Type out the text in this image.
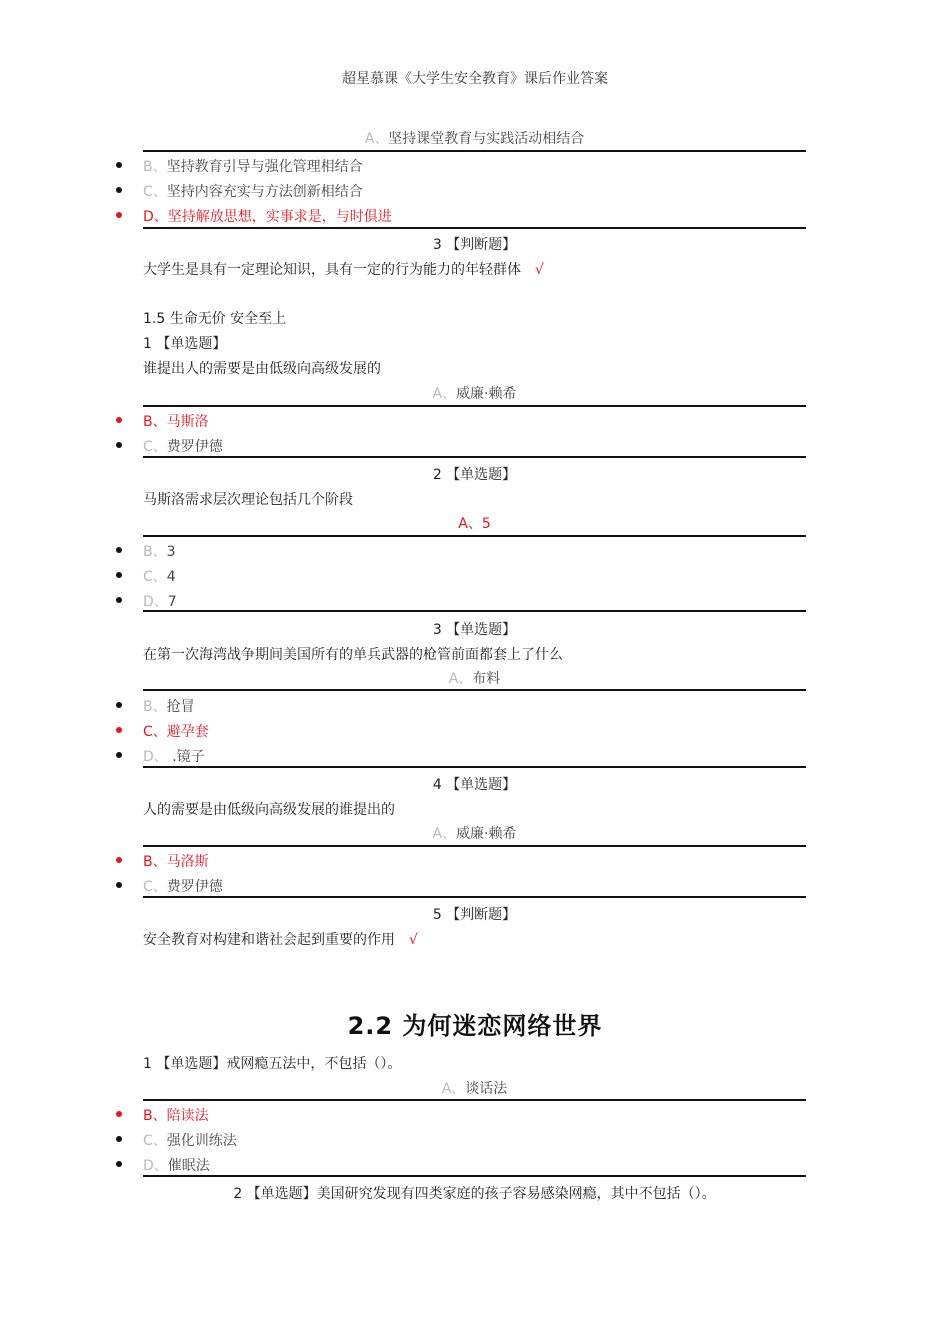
超星慕课《大学生安全教育》课后作业答案
A、坚持课堂教育与实践活动相结合
B、坚持教育引导与强化管理相结合
C、坚持内容充实与方法创新相结合
D、坚持解放思想，实事求是，与时俱进
3 【判断题】
大学生是具有一定理论知识，具有一定的行为能力的年轻群体 √
1.5 生命无价 安全至上
1 【单选题】
谁提出人的需要是由低级向高级发展的
A、威廉·赖希
B、马斯洛
C、费罗伊德
2 【单选题】
马斯洛需求层次理论包括几个阶段
A、5
B、3
C、4
D、7
3 【单选题】
在第一次海湾战争期间美国所有的单兵武器的枪管前面都套上了什么
A、布料
B、抢冒
C、避孕套
D、 .镜子
4 【单选题】
人的需要是由低级向高级发展的谁提出的
A、威廉·赖希
B、马洛斯
C、费罗伊德
5 【判断题】
安全教育对构建和谐社会起到重要的作用 √
2.2 为何迷恋网络世界
1 【单选题】戒网瘾五法中，不包括（）。
A、谈话法
B、陪读法
C、强化训练法
D、催眠法
2 【单选题】美国研究发现有四类家庭的孩子容易感染网瘾，其中不包括（）。
